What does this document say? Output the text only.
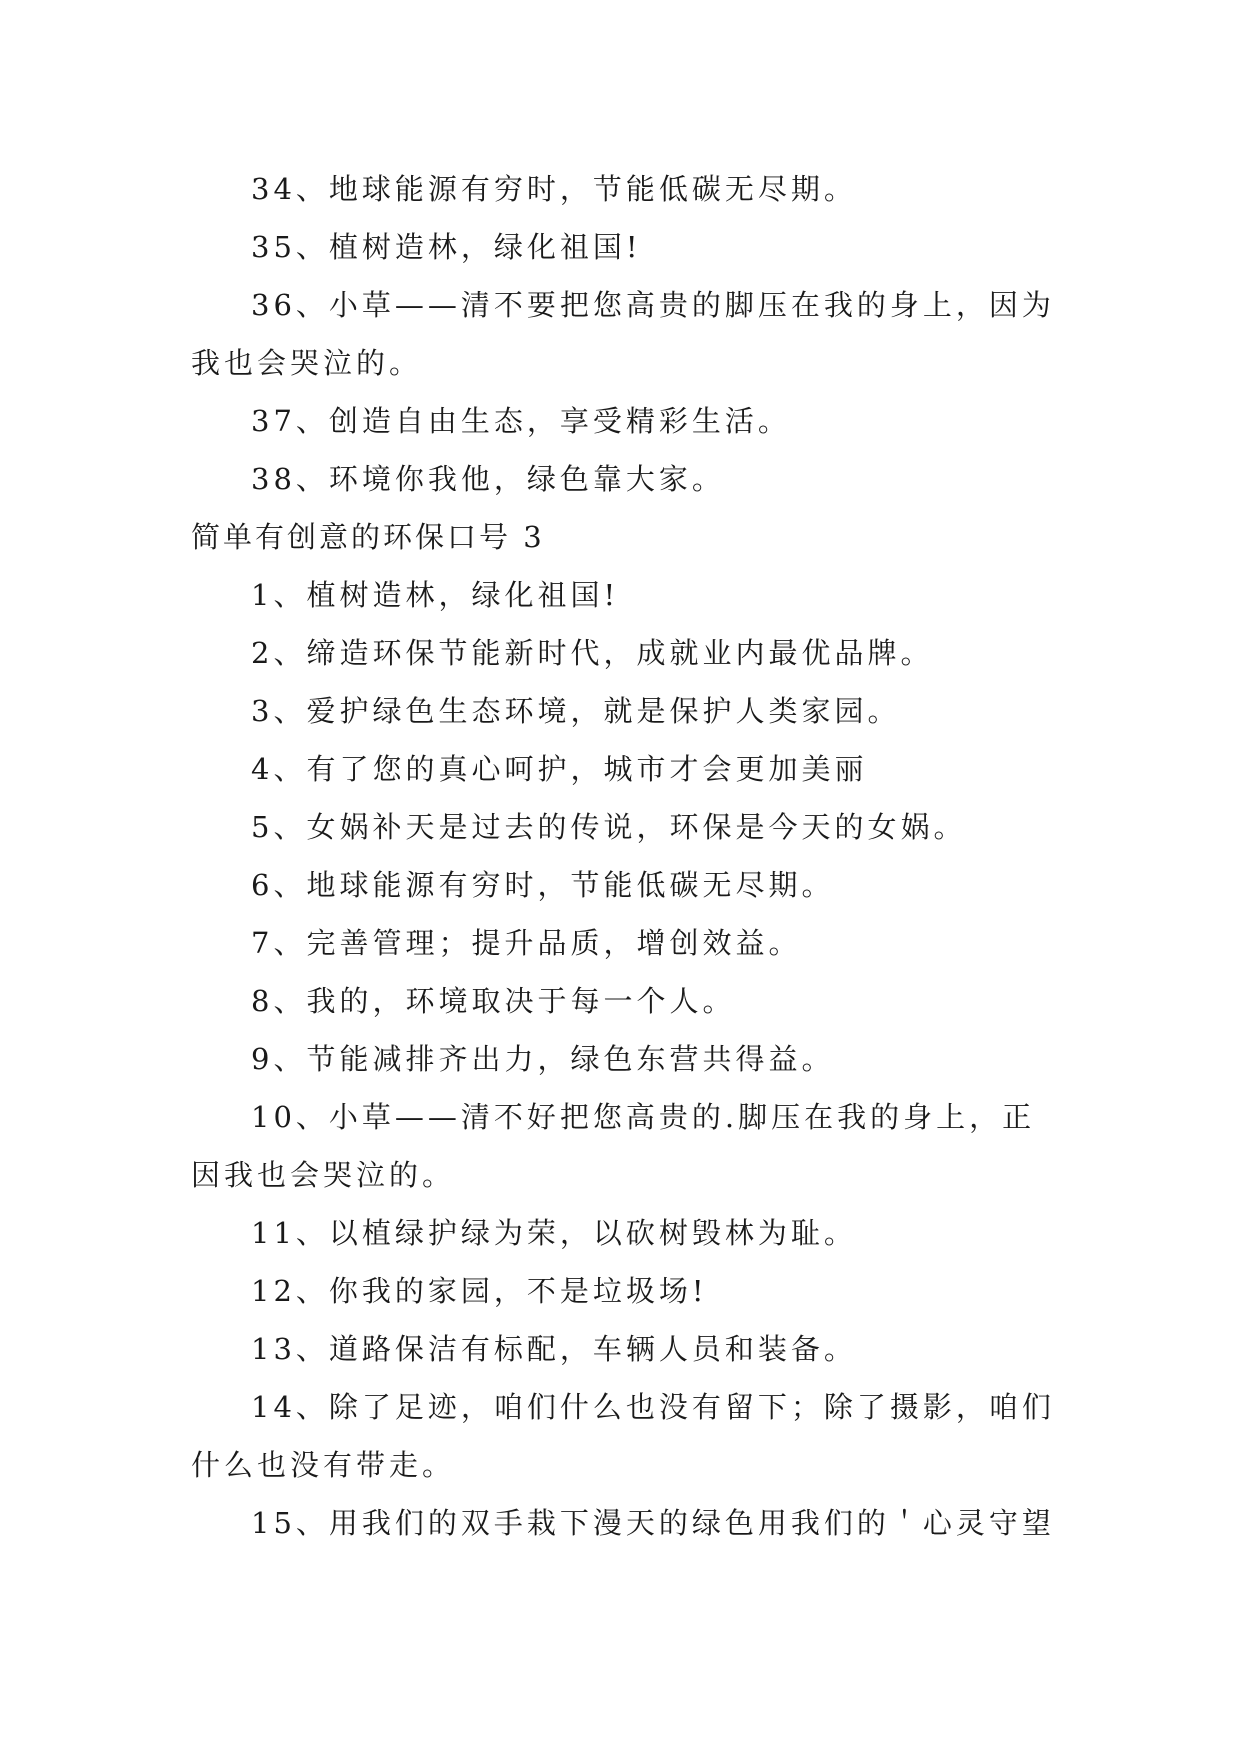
34、地球能源有穷时，节能低碳无尽期。
35、植树造林，绿化祖国!
36、小草——清不要把您高贵的脚压在我的身上，因为
我也会哭泣的。
37、创造自由生态，享受精彩生活。
38、环境你我他，绿色靠大家。
简单有创意的环保口号 3
1、植树造林，绿化祖国!
2、缔造环保节能新时代，成就业内最优品牌。
3、爱护绿色生态环境，就是保护人类家园。
4、有了您的真心呵护，城市才会更加美丽
5、女娲补天是过去的传说，环保是今天的女娲。
6、地球能源有穷时，节能低碳无尽期。
7、完善管理；提升品质，增创效益。
8、我的，环境取决于每一个人。
9、节能减排齐出力，绿色东营共得益。
10、小草——清不好把您高贵的.脚压在我的身上，正
因我也会哭泣的。
11、以植绿护绿为荣，以砍树毁林为耻。
12、你我的家园，不是垃圾场!
13、道路保洁有标配，车辆人员和装备。
14、除了足迹，咱们什么也没有留下；除了摄影，咱们
什么也没有带走。
15、用我们的双手栽下漫天的绿色用我们的＇心灵守望
